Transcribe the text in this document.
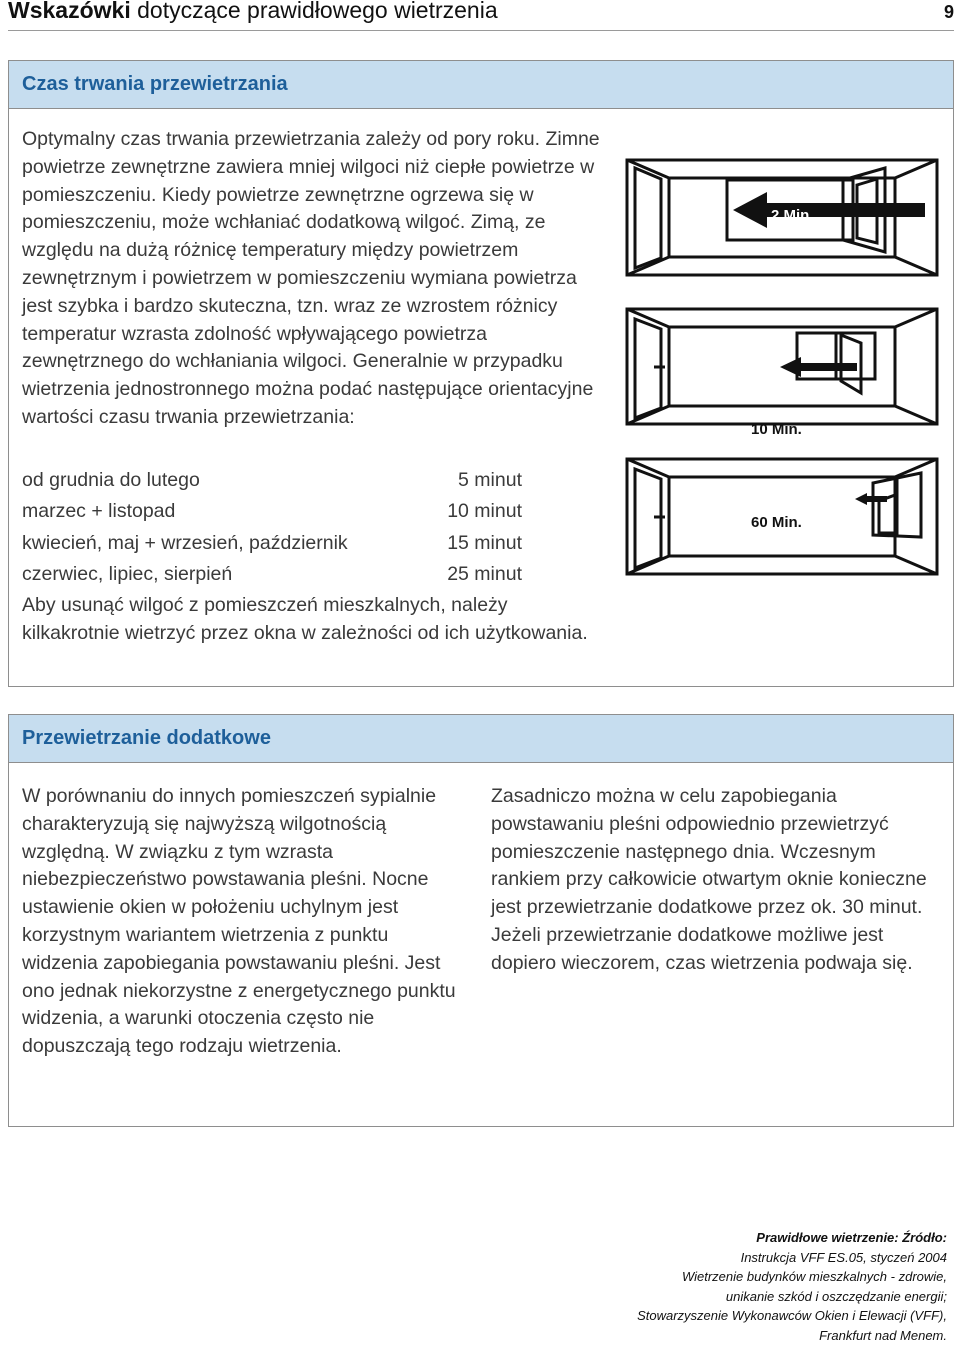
Wskazówki dotyczące prawidłowego wietrzenia	9
Czas trwania przewietrzania
Optymalny czas trwania przewietrzania zależy od pory roku. Zimne powietrze zewnętrzne zawiera mniej wilgoci niż ciepłe powietrze w pomieszczeniu. Kiedy powietrze zewnętrzne ogrzewa się w pomieszczeniu, może wchłaniać dodatkową wilgoć. Zimą, ze względu na dużą różnicę temperatury między powietrzem zewnętrznym i powietrzem w pomieszczeniu wymiana powietrza jest szybka i bardzo skuteczna, tzn. wraz ze wzrostem różnicy temperatur wzrasta zdolność wpływającego powietrza zewnętrznego do wchłaniania wilgoci. Generalnie w przypadku wietrzenia jednostronnego można podać następujące orientacyjne wartości czasu trwania przewietrzania:
od grudnia do lutego	5 minut
marzec + listopad	10 minut
kwiecień, maj + wrzesień, październik	15 minut
czerwiec, lipiec, sierpień	25 minut
Aby usunąć wilgoć z pomieszczeń mieszkalnych, należy kilkakrotnie wietrzyć przez okna w zależności od ich użytkowania.
2 Min.
10 Min.
60 Min.
Przewietrzanie dodatkowe
W porównaniu do innych pomieszczeń sypialnie charakteryzują się najwyższą wilgotnością względną. W związku z tym wzrasta niebezpieczeństwo powstawania pleśni. Nocne ustawienie okien w położeniu uchylnym jest korzystnym wariantem wietrzenia z punktu widzenia zapobiegania powstawaniu pleśni. Jest ono jednak niekorzystne z energetycznego punktu widzenia, a warunki otoczenia często nie dopuszczają tego rodzaju wietrzenia.
Zasadniczo można w celu zapobiegania powstawaniu pleśni odpowiednio przewietrzyć pomieszczenie następnego dnia. Wczesnym rankiem przy całkowicie otwartym oknie konieczne jest przewietrzanie dodatkowe przez ok. 30 minut. Jeżeli przewietrzanie dodatkowe możliwe jest dopiero wieczorem, czas wietrzenia podwaja się.
Prawidłowe wietrzenie: Źródło:
Instrukcja VFF ES.05, styczeń 2004
Wietrzenie budynków mieszkalnych - zdrowie,
unikanie szkód i oszczędzanie energii;
Stowarzyszenie Wykonawców Okien i Elewacji (VFF),
Frankfurt nad Menem.
